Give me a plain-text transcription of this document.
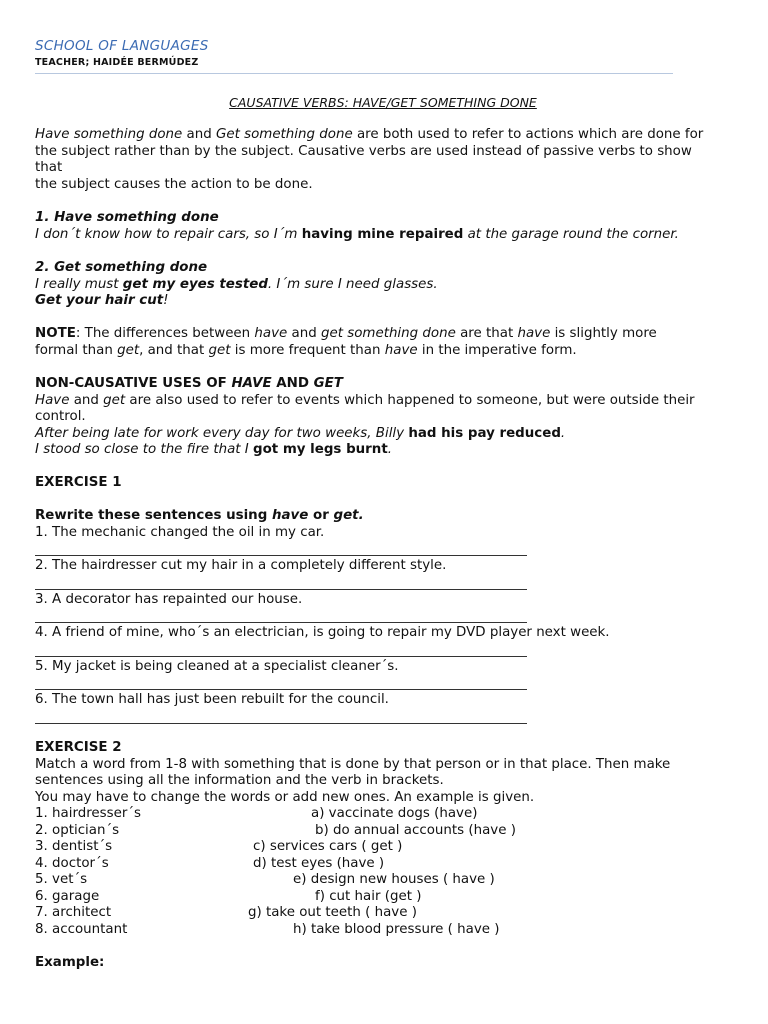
SCHOOL OF LANGUAGES
TEACHER; HAIDÉE BERMÚDEZ
CAUSATIVE VERBS: HAVE/GET SOMETHING DONE
Have something done and Get something done are both used to refer to actions which are done for
the subject rather than by the subject. Causative verbs are used instead of passive verbs to show
that
the subject causes the action to be done.
1. Have something done
I don´t know how to repair cars, so I´m having mine repaired at the garage round the corner.
2. Get something done
I really must get my eyes tested. I´m sure I need glasses.
Get your hair cut!
NOTE: The differences between have and get something done are that have is slightly more
formal than get, and that get is more frequent than have in the imperative form.
NON-CAUSATIVE USES OF HAVE AND GET
Have and get are also used to refer to events which happened to someone, but were outside their
control.
After being late for work every day for two weeks, Billy had his pay reduced.
I stood so close to the fire that I got my legs burnt.
EXERCISE 1
Rewrite these sentences using have or get.
1. The mechanic changed the oil in my car.
2. The hairdresser cut my hair in a completely different style.
3. A decorator has repainted our house.
4. A friend of mine, who´s an electrician, is going to repair my DVD player next week.
5. My jacket is being cleaned at a specialist cleaner´s.
6. The town hall has just been rebuilt for the council.
EXERCISE 2
Match a word from 1-8 with something that is done by that person or in that place. Then make
sentences using all the information and the verb in brackets.
You may have to change the words or add new ones. An example is given.
1. hairdresser´s	a) vaccinate dogs (have)
2. optician´s	b) do annual accounts (have )
3. dentist´s	c) services cars ( get )
4. doctor´s	d) test eyes (have )
5. vet´s	e) design new houses ( have )
6. garage	f) cut hair (get )
7. architect	g) take out teeth ( have )
8. accountant	h) take blood pressure ( have )
Example:
